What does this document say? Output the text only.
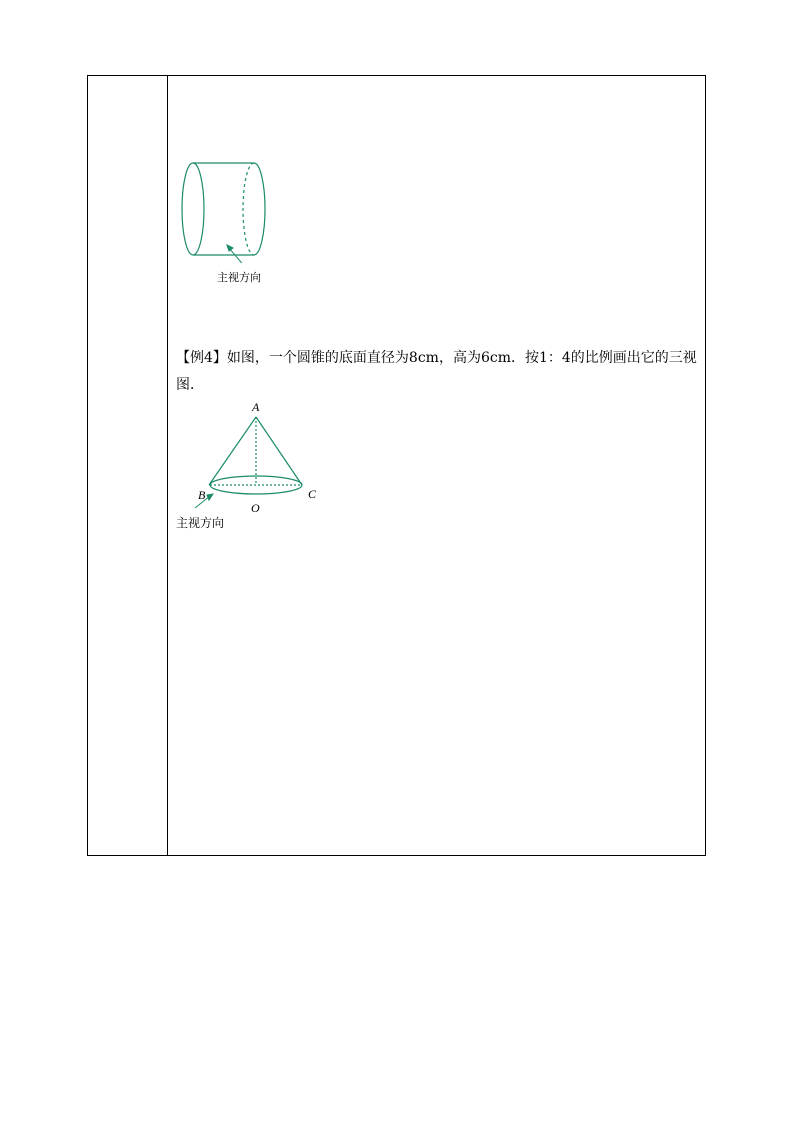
主视方向
【例4】如图，一个圆锥的底面直径为8cm，高为6cm．按1：4的比例画出它的三视图．
A
B	C
O
主视方向
